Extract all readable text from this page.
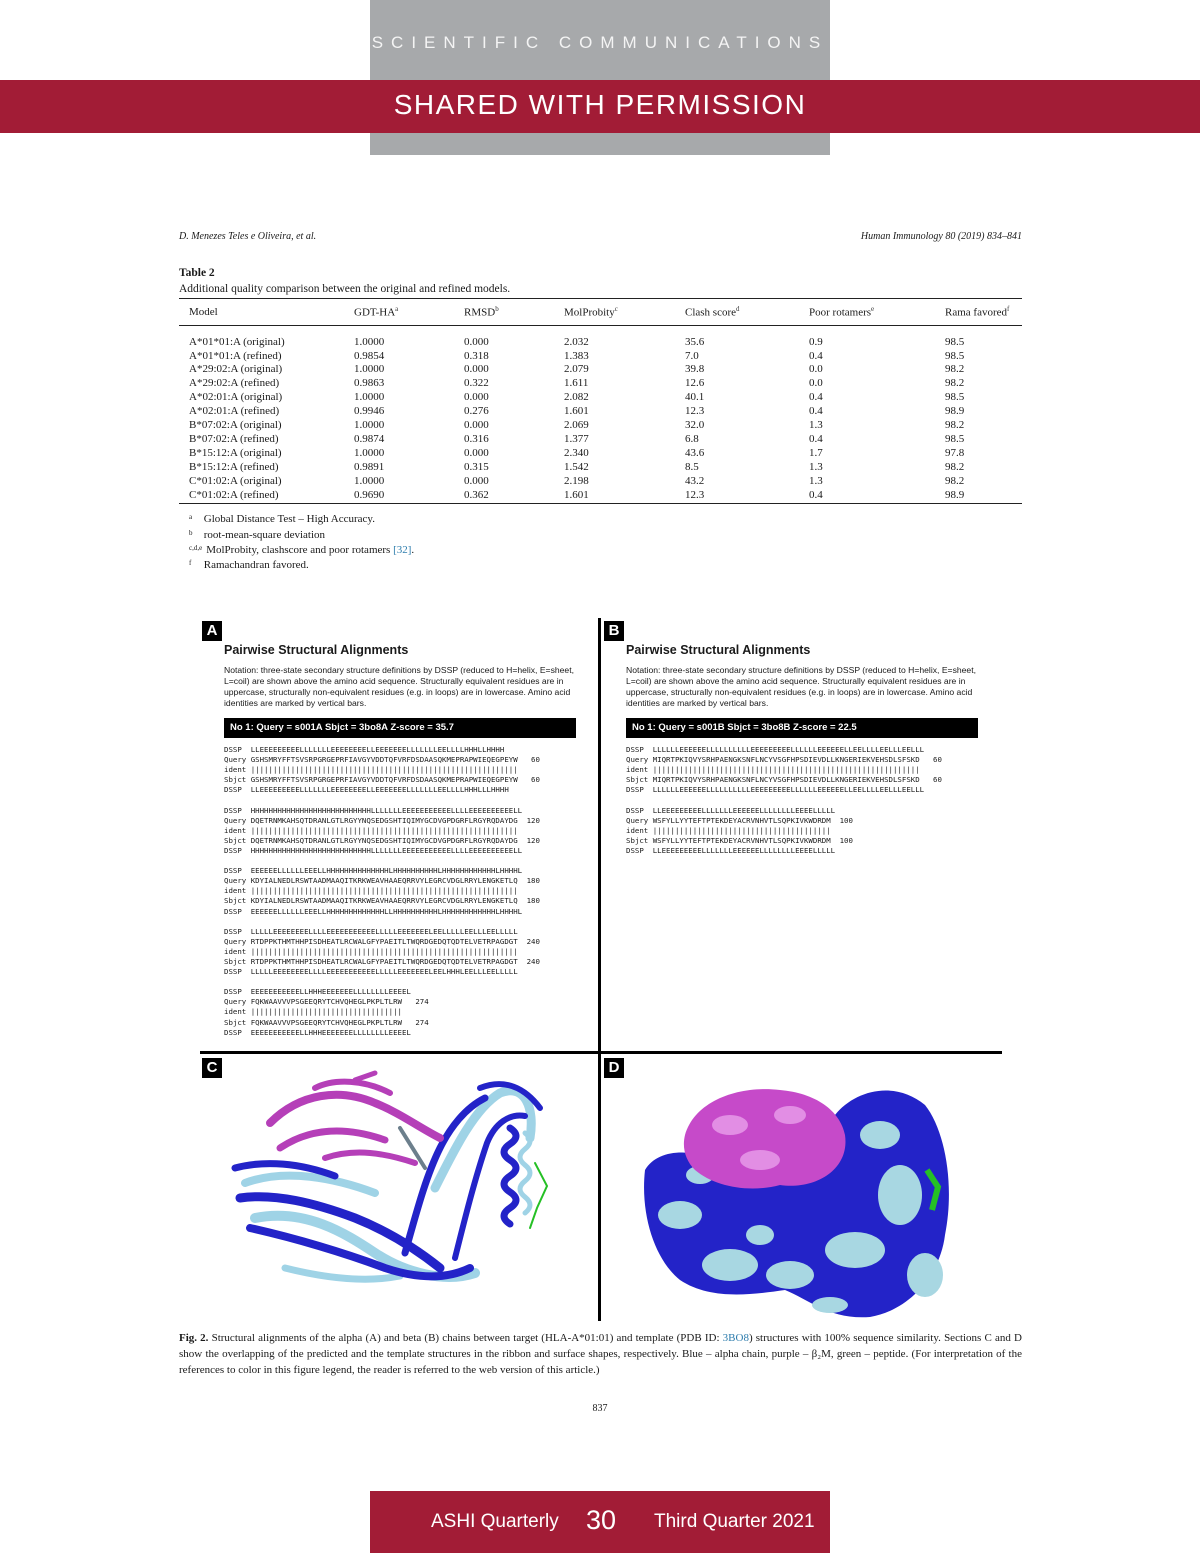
SCIENTIFIC COMMUNICATIONS
SHARED WITH PERMISSION
D. Menezes Teles e Oliveira, et al.	Human Immunology 80 (2019) 834–841
Table 2
Additional quality comparison between the original and refined models.
Model	GDT-$HA^a$	RMSD$^b$	MolProbity$^c$	Clash score$^d$	Poor rotamers$^e$	Rama favored$^f$
A*01*01:A (original)	1.0000	0.000	2.032	35.6	0.9	98.5
A*01*01:A (refined)	0.9854	0.318	1.383	7.0	0.4	98.5
A*29:02:A (original)	1.0000	0.000	2.079	39.8	0.0	98.2
A*29:02:A (refined)	0.9863	0.322	1.611	12.6	0.0	98.2
A*02:01:A (original)	1.0000	0.000	2.082	40.1	0.4	98.5
A*02:01:A (refined)	0.9946	0.276	1.601	12.3	0.4	98.9
B*07:02:A (original)	1.0000	0.000	2.069	32.0	1.3	98.2
B*07:02:A (refined)	0.9874	0.316	1.377	6.8	0.4	98.5
B*15:12:A (original)	1.0000	0.000	2.340	43.6	1.7	97.8
B*15:12:A (refined)	0.9891	0.315	1.542	8.5	1.3	98.2
C*01:02:A (original)	1.0000	0.000	2.198	43.2	1.3	98.2
C*01:02:A (refined)	0.9690	0.362	1.601	12.3	0.4	98.9
$^a$ Global Distance Test – High Accuracy.
$^b$ root-mean-square deviation
$^{c,d,e}$ MolProbity, clashscore and poor rotamers [32].
$^f$ Ramachandran favored.
A
Pairwise Structural Alignments
Notation: three-state secondary structure definitions by DSSP (reduced to H=helix, E=sheet, L=coil) are shown above the amino acid sequence. Structurally equivalent residues are in uppercase, structurally non-equivalent residues (e.g. in loops) are in lowercase. Amino acid identities are marked by vertical bars.
No 1: Query = s001A Sbjct = 3bo8A Z-score = 35.7
DSSP  LLEEEEEEEEELLLLLLLEEEEEEEELLEEEEEEELLLLLLLEELLLLHHHLLHHHH
Query GSHSMRYFFTSVSRPGRGEPRFIAVGYVDDTQFVRFDSDAASQKMEPRAPWIEQEGPEYW   60
ident ||||||||||||||||||||||||||||||||||||||||||||||||||||||||||||
Sbjct GSHSMRYFFTSVSRPGRGEPRFIAVGYVDDTQFVRFDSDAASQKMEPRAPWIEQEGPEYW   60
DSSP  LLEEEEEEEEELLLLLLLEEEEEEEELLEEEEEEELLLLLLLEELLLLHHHLLLHHHH

DSSP  HHHHHHHHHHHHHHHHHHHHHHHHHHHLLLLLLLEEEEEEEEEEELLLLEEEEEEEEEELL
Query DQETRNMKAHSQTDRANLGTLRGYYNQSEDGSHTIQIMYGCDVGPDGRFLRGYRQDAYDG  120
ident ||||||||||||||||||||||||||||||||||||||||||||||||||||||||||||
Sbjct DQETRNMKAHSQTDRANLGTLRGYYNQSEDGSHTIQIMYGCDVGPDGRFLRGYRQDAYDG  120
DSSP  HHHHHHHHHHHHHHHHHHHHHHHHHHHLLLLLLLEEEEEEEEEEELLLLEEEEEEEEEELL

DSSP  EEEEEELLLLLLEEELLHHHHHHHHHHHHHHLHHHHHHHHHHLHHHHHHHHHHHHLHHHHL
Query KDYIALNEDLRSWTAADMAAQITKRKWEAVHAAEQRRVYLEGRCVDGLRRYLENGKETLQ  180
ident ||||||||||||||||||||||||||||||||||||||||||||||||||||||||||||
Sbjct KDYIALNEDLRSWTAADMAAQITKRKWEAVHAAEQRRVYLEGRCVDGLRRYLENGKETLQ  180
DSSP  EEEEEELLLLLLEEELLHHHHHHHHHHHHHLLHHHHHHHHHHLHHHHHHHHHHHHLHHHHL

DSSP  LLLLLEEEEEEEELLLLEEEEEEEEEEELLLLLEEEEEEELEELLLLLEELLLEELLLLL
Query RTDPPKTHMTHHPISDHEATLRCWALGFYPAEITLTWQRDGEDQTQDTELVETRPAGDGT  240
ident ||||||||||||||||||||||||||||||||||||||||||||||||||||||||||||
Sbjct RTDPPKTHMTHHPISDHEATLRCWALGFYPAEITLTWQRDGEDQTQDTELVETRPAGDGT  240
DSSP  LLLLLEEEEEEEELLLLEEEEEEEEEEELLLLLEEEEEEELEELHHHLEELLLEELLLLL

DSSP  EEEEEEEEEEELLHHHEEEEEEELLLLLLLLEEEEL
Query FQKWAAVVVPSGEEQRYTCHVQHEGLPKPLTLRW   274
ident ||||||||||||||||||||||||||||||||||
Sbjct FQKWAAVVVPSGEEQRYTCHVQHEGLPKPLTLRW   274
DSSP  EEEEEEEEEEELLHHHEEEEEEELLLLLLLLEEEEL
B
Pairwise Structural Alignments
Notation: three-state secondary structure definitions by DSSP (reduced to H=helix, E=sheet, L=coil) are shown above the amino acid sequence. Structurally equivalent residues are in uppercase, structurally non-equivalent residues (e.g. in loops) are in lowercase. Amino acid identities are marked by vertical bars.
No 1: Query = s001B Sbjct = 3bo8B Z-score = 22.5
DSSP  LLLLLLEEEEEELLLLLLLLLLEEEEEEEEELLLLLLEEEEEELLEELLLLEELLLEELLL
Query MIQRTPKIQVYSRHPAENGKSNFLNCYVSGFHPSDIEVDLLKNGERIEKVEHSDLSFSKD   60
ident ||||||||||||||||||||||||||||||||||||||||||||||||||||||||||||
Sbjct MIQRTPKIQVYSRHPAENGKSNFLNCYVSGFHPSDIEVDLLKNGERIEKVEHSDLSFSKD   60
DSSP  LLLLLLEEEEEELLLLLLLLLLEEEEEEEEELLLLLLEEEEEELLEELLLLEELLLEELLL

DSSP  LLEEEEEEEEELLLLLLLEEEEEELLLLLLLLEEEELLLLL
Query WSFYLLYYTEFTPTEKDEYACRVNHVTLSQPKIVKWDRDM  100
ident ||||||||||||||||||||||||||||||||||||||||
Sbjct WSFYLLYYTEFTPTEKDEYACRVNHVTLSQPKIVKWDRDM  100
DSSP  LLEEEEEEEEELLLLLLLEEEEEELLLLLLLLEEEELLLLL
C	D
Fig. 2. Structural alignments of the alpha (A) and beta (B) chains between target (HLA-A*01:01) and template (PDB ID: 3BO8) structures with 100% sequence similarity. Sections C and D show the overlapping of the predicted and the template structures in the ribbon and surface shapes, respectively. Blue – alpha chain, purple – β₂M, green – peptide. (For interpretation of the references to color in this figure legend, the reader is referred to the web version of this article.)
837
ASHI Quarterly 30 Third Quarter 2021
